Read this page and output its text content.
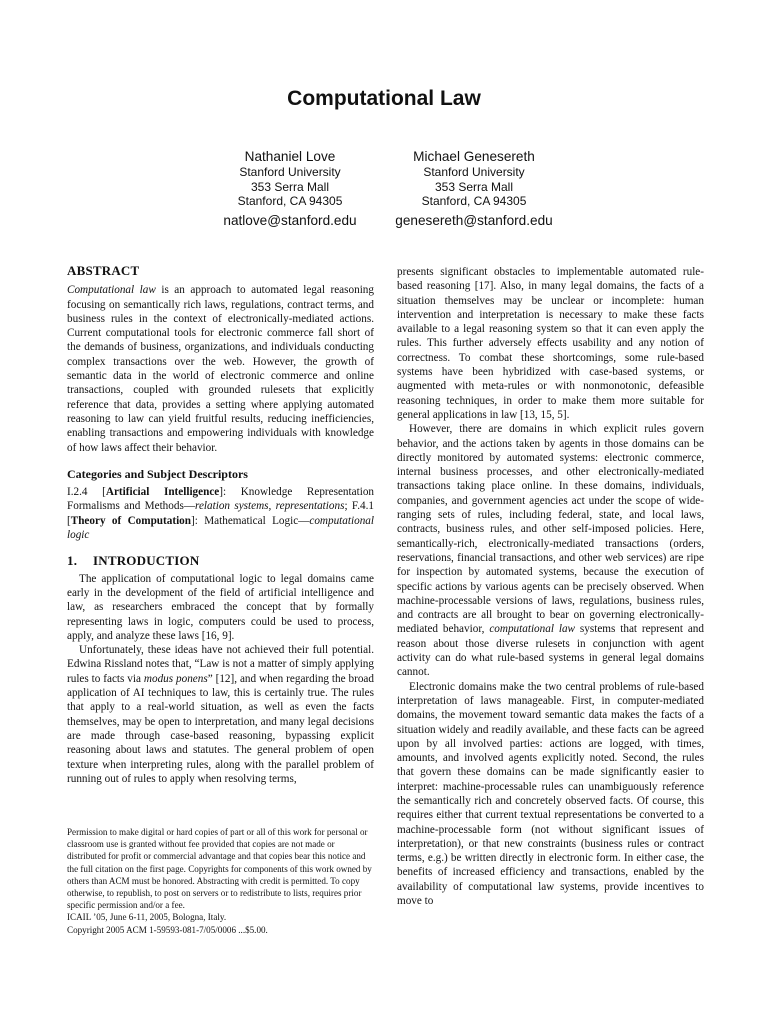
Computational Law
Nathaniel Love
Stanford University
353 Serra Mall
Stanford, CA 94305
natlove@stanford.edu
Michael Genesereth
Stanford University
353 Serra Mall
Stanford, CA 94305
genesereth@stanford.edu
ABSTRACT

Computational law is an approach to automated legal reasoning focusing on semantically rich laws, regulations, contract terms, and business rules in the context of electronically-mediated actions. Current computational tools for electronic commerce fall short of the demands of business, organizations, and individuals conducting complex transactions over the web. However, the growth of semantic data in the world of electronic commerce and online transactions, coupled with grounded rulesets that explicitly reference that data, provides a setting where applying automated reasoning to law can yield fruitful results, reducing inefficiencies, enabling transactions and empowering individuals with knowledge of how laws affect their behavior.

Categories and Subject Descriptors

I.2.4 [Artificial Intelligence]: Knowledge Representation Formalisms and Methods—relation systems, representations; F.4.1 [Theory of Computation]: Mathematical Logic—computational logic

1. INTRODUCTION

The application of computational logic to legal domains came early in the development of the field of artificial intelligence and law, as researchers embraced the concept that by formally representing laws in logic, computers could be used to process, apply, and analyze these laws [16, 9].

Unfortunately, these ideas have not achieved their full potential. Edwina Rissland notes that, “Law is not a matter of simply applying rules to facts via modus ponens” [12], and when regarding the broad application of AI techniques to law, this is certainly true. The rules that apply to a real-world situation, as well as even the facts themselves, may be open to interpretation, and many legal decisions are made through case-based reasoning, bypassing explicit reasoning about laws and statutes. The general problem of open texture when interpreting rules, along with the parallel problem of running out of rules to apply when resolving terms,

Permission to make digital or hard copies of part or all of this work for personal or classroom use is granted without fee provided that copies are not made or distributed for profit or commercial advantage and that copies bear this notice and the full citation on the first page. Copyrights for components of this work owned by others than ACM must be honored. Abstracting with credit is permitted. To copy otherwise, to republish, to post on servers or to redistribute to lists, requires prior specific permission and/or a fee.

ICAIL ’05, June 6-11, 2005, Bologna, Italy.

Copyright 2005 ACM 1-59593-081-7/05/0006 ...$5.00.

presents significant obstacles to implementable automated rule-based reasoning [17]. Also, in many legal domains, the facts of a situation themselves may be unclear or incomplete: human intervention and interpretation is necessary to make these facts available to a legal reasoning system so that it can even apply the rules. This further adversely effects usability and any notion of correctness. To combat these shortcomings, some rule-based systems have been hybridized with case-based systems, or augmented with meta-rules or with nonmonotonic, defeasible reasoning techniques, in order to make them more suitable for general applications in law [13, 15, 5].

However, there are domains in which explicit rules govern behavior, and the actions taken by agents in those domains can be directly monitored by automated systems: electronic commerce, internal business processes, and other electronically-mediated transactions taking place online. In these domains, individuals, companies, and government agencies act under the scope of wide-ranging sets of rules, including federal, state, and local laws, contracts, business rules, and other self-imposed policies. Here, semantically-rich, electronically-mediated transactions (orders, reservations, financial transactions, and other web services) are ripe for inspection by automated systems, because the execution of specific actions by various agents can be precisely observed. When machine-processable versions of laws, regulations, business rules, and contracts are all brought to bear on governing electronically-mediated behavior, computational law systems that represent and reason about those diverse rulesets in conjunction with agent activity can do what rule-based systems in general legal domains cannot.

Electronic domains make the two central problems of rule-based interpretation of laws manageable. First, in computer-mediated domains, the movement toward semantic data makes the facts of a situation widely and readily available, and these facts can be agreed upon by all involved parties: actions are logged, with times, amounts, and involved agents explicitly noted. Second, the rules that govern these domains can be made significantly easier to interpret: machine-processable rules can unambiguously reference the semantically rich and concretely observed facts. Of course, this requires either that current textual representations be converted to a machine-processable form (not without significant issues of interpretation), or that new constraints (business rules or contract terms, e.g.) be written directly in electronic form. In either case, the benefits of increased efficiency and transactions, enabled by the availability of computational law systems, provide incentives to move to
